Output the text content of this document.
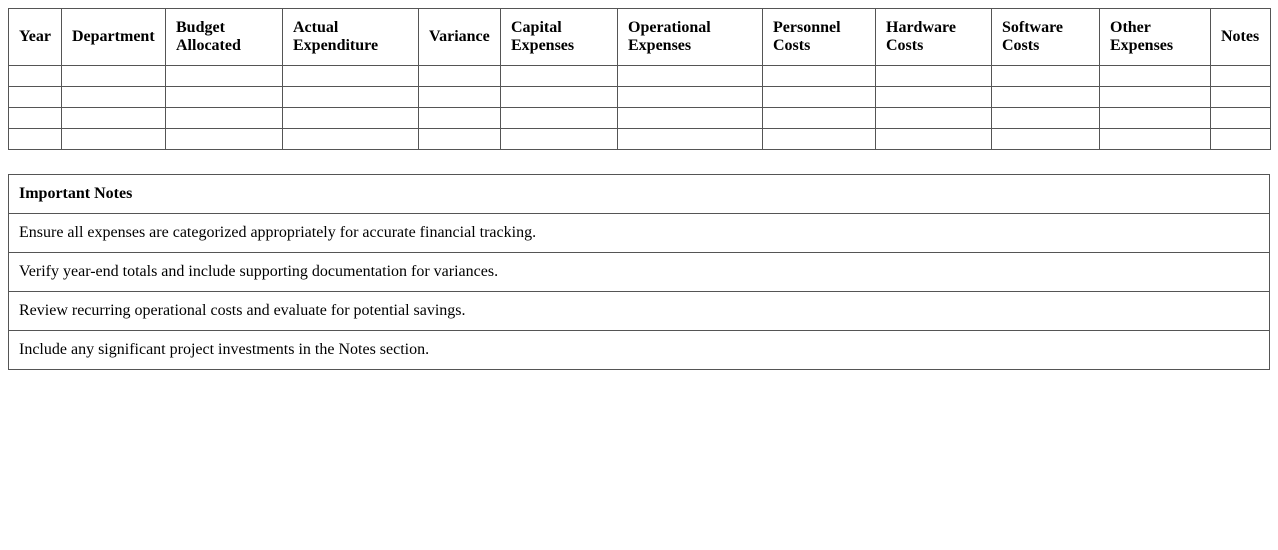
Year	Department	Budget Allocated	Actual Expenditure	Variance	Capital Expenses	Operational Expenses	Personnel Costs	Hardware Costs	Software Costs	Other Expenses	Notes

Important Notes
Ensure all expenses are categorized appropriately for accurate financial tracking.
Verify year-end totals and include supporting documentation for variances.
Review recurring operational costs and evaluate for potential savings.
Include any significant project investments in the Notes section.
